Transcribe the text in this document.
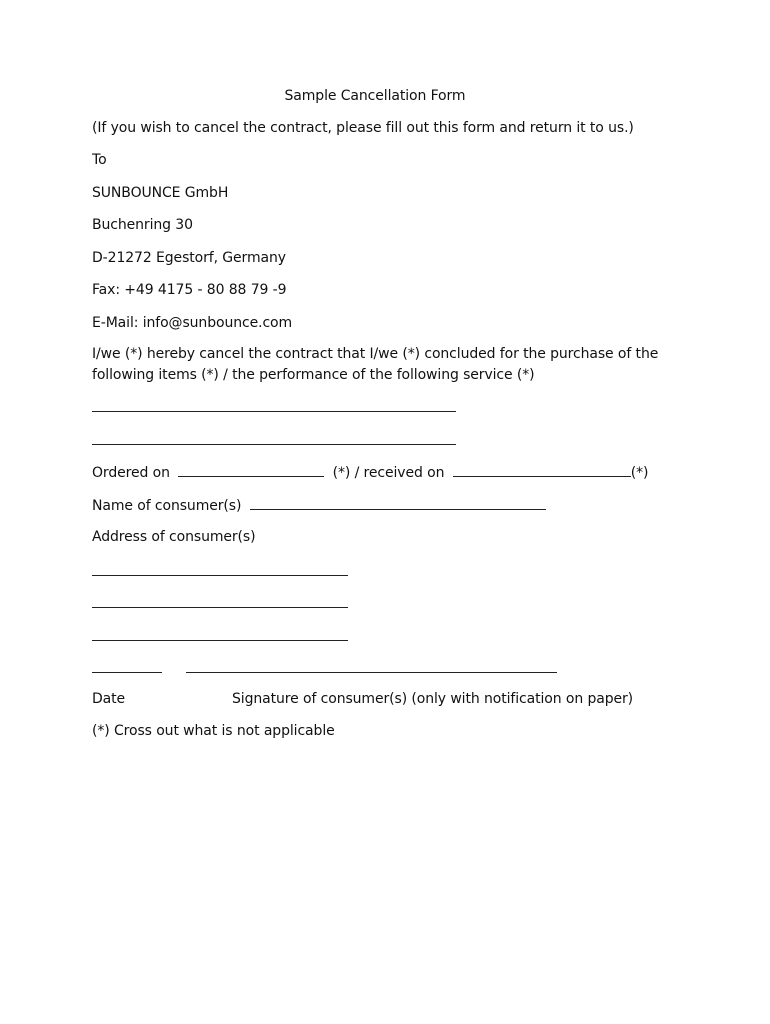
Sample Cancellation Form
(If you wish to cancel the contract, please fill out this form and return it to us.)
To
SUNBOUNCE GmbH
Buchenring 30
D-21272 Egestorf, Germany
Fax: +49 4175 - 80 88 79 -9
E-Mail: info@sunbounce.com
I/we (*) hereby cancel the contract that I/we (*) concluded for the purchase of the following items (*) / the performance of the following service (*)
Ordered on	(*) / received on	(*)
Name of consumer(s)
Address of consumer(s)
Date	Signature of consumer(s) (only with notification on paper)
(*) Cross out what is not applicable
